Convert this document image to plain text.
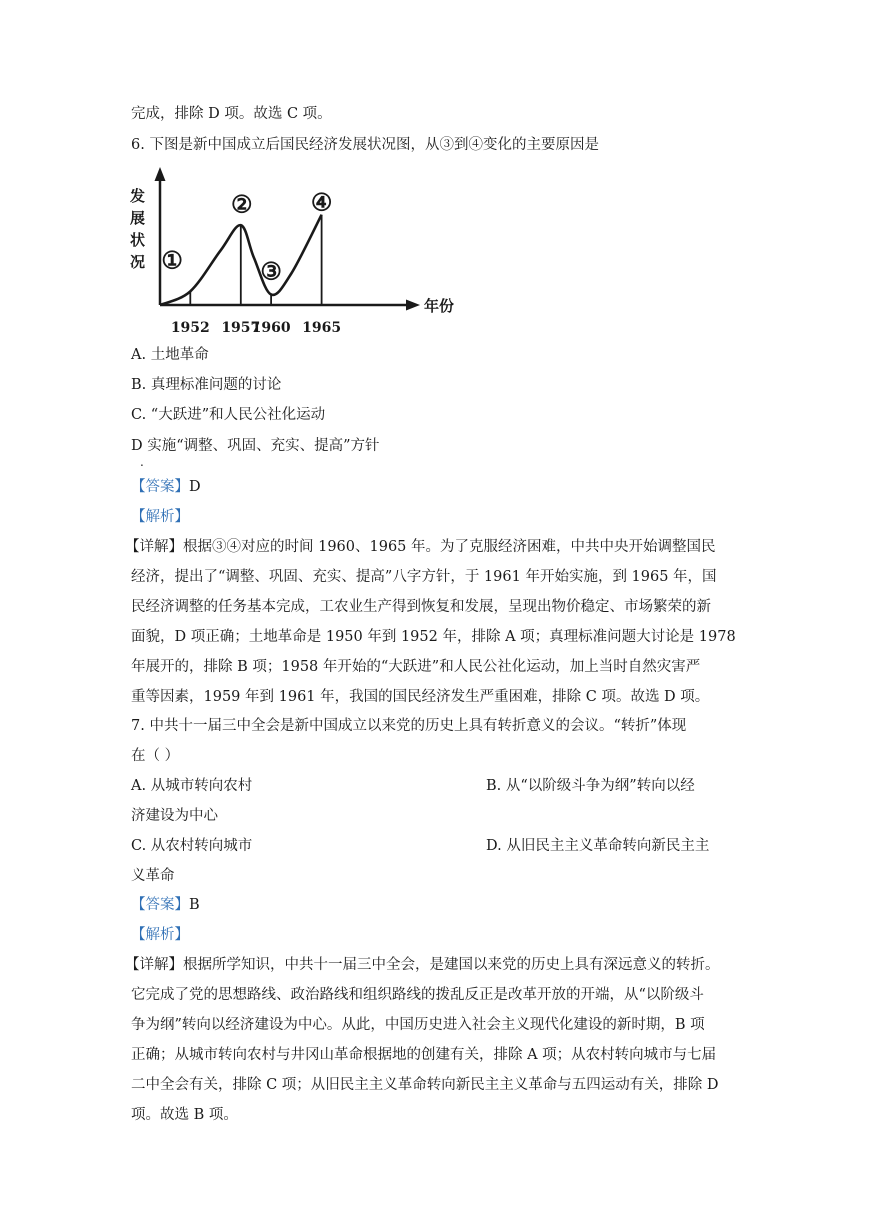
完成，排除 D 项。故选 C 项。
6. 下图是新中国成立后国民经济发展状况图，从③到④变化的主要原因是
发
展
状
况
年份
1952 1957
1960 1965
①
②
③
④
A. 土地革命
B. 真理标准问题的讨论
C. “大跃进”和人民公社化运动
D 实施“调整、巩固、充实、提高”方针
.
【答案】D
【解析】
【详解】根据③④对应的时间 1960、1965 年。为了克服经济困难，中共中央开始调整国民
经济，提出了“调整、巩固、充实、提高”八字方针，于 1961 年开始实施，到 1965 年，国
民经济调整的任务基本完成，工农业生产得到恢复和发展，呈现出物价稳定、市场繁荣的新
面貌，D 项正确；土地革命是 1950 年到 1952 年，排除 A 项；真理标准问题大讨论是 1978
年展开的，排除 B 项；1958 年开始的“大跃进”和人民公社化运动，加上当时自然灾害严
重等因素，1959 年到 1961 年，我国的国民经济发生严重困难，排除 C 项。故选 D 项。
7. 中共十一届三中全会是新中国成立以来党的历史上具有转折意义的会议。“转折”体现
在（ ）
A. 从城市转向农村	B. 从“以阶级斗争为纲”转向以经
济建设为中心
C. 从农村转向城市	D. 从旧民主主义革命转向新民主主
义革命
【答案】B
【解析】
【详解】根据所学知识，中共十一届三中全会，是建国以来党的历史上具有深远意义的转折。
它完成了党的思想路线、政治路线和组织路线的拨乱反正是改革开放的开端，从“以阶级斗
争为纲”转向以经济建设为中心。从此，中国历史进入社会主义现代化建设的新时期，B 项
正确；从城市转向农村与井冈山革命根据地的创建有关，排除 A 项；从农村转向城市与七届
二中全会有关，排除 C 项；从旧民主主义革命转向新民主主义革命与五四运动有关，排除 D
项。故选 B 项。
